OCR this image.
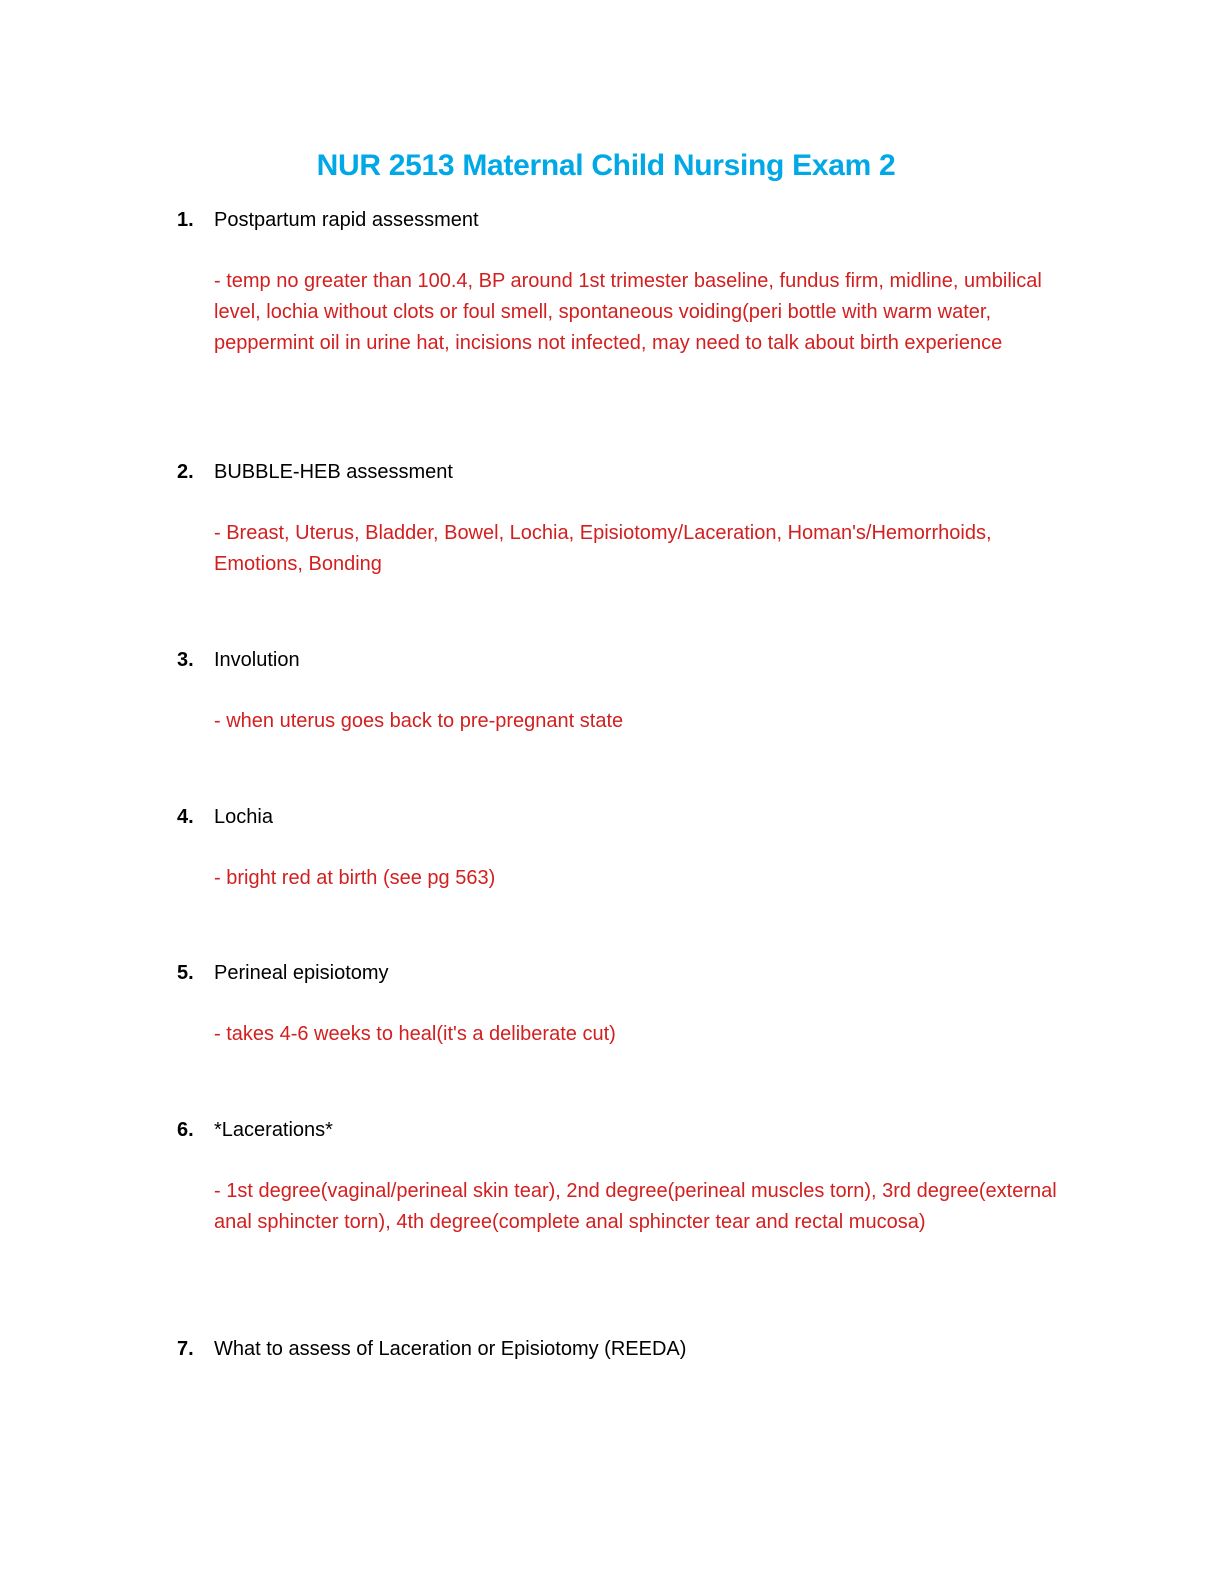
NUR 2513 Maternal Child Nursing Exam 2
1. Postpartum rapid assessment
- temp no greater than 100.4, BP around 1st trimester baseline, fundus firm, midline, umbilical level, lochia without clots or foul smell, spontaneous voiding(peri bottle with warm water, peppermint oil in urine hat, incisions not infected, may need to talk about birth experience
2. BUBBLE-HEB assessment
- Breast, Uterus, Bladder, Bowel, Lochia, Episiotomy/Laceration, Homan's/Hemorrhoids, Emotions, Bonding
3. Involution
- when uterus goes back to pre-pregnant state
4. Lochia
- bright red at birth (see pg 563)
5. Perineal episiotomy
- takes 4-6 weeks to heal(it's a deliberate cut)
6. *Lacerations*
- 1st degree(vaginal/perineal skin tear), 2nd degree(perineal muscles torn), 3rd degree(external anal sphincter torn), 4th degree(complete anal sphincter tear and rectal mucosa)
7. What to assess of Laceration or Episiotomy (REEDA)
